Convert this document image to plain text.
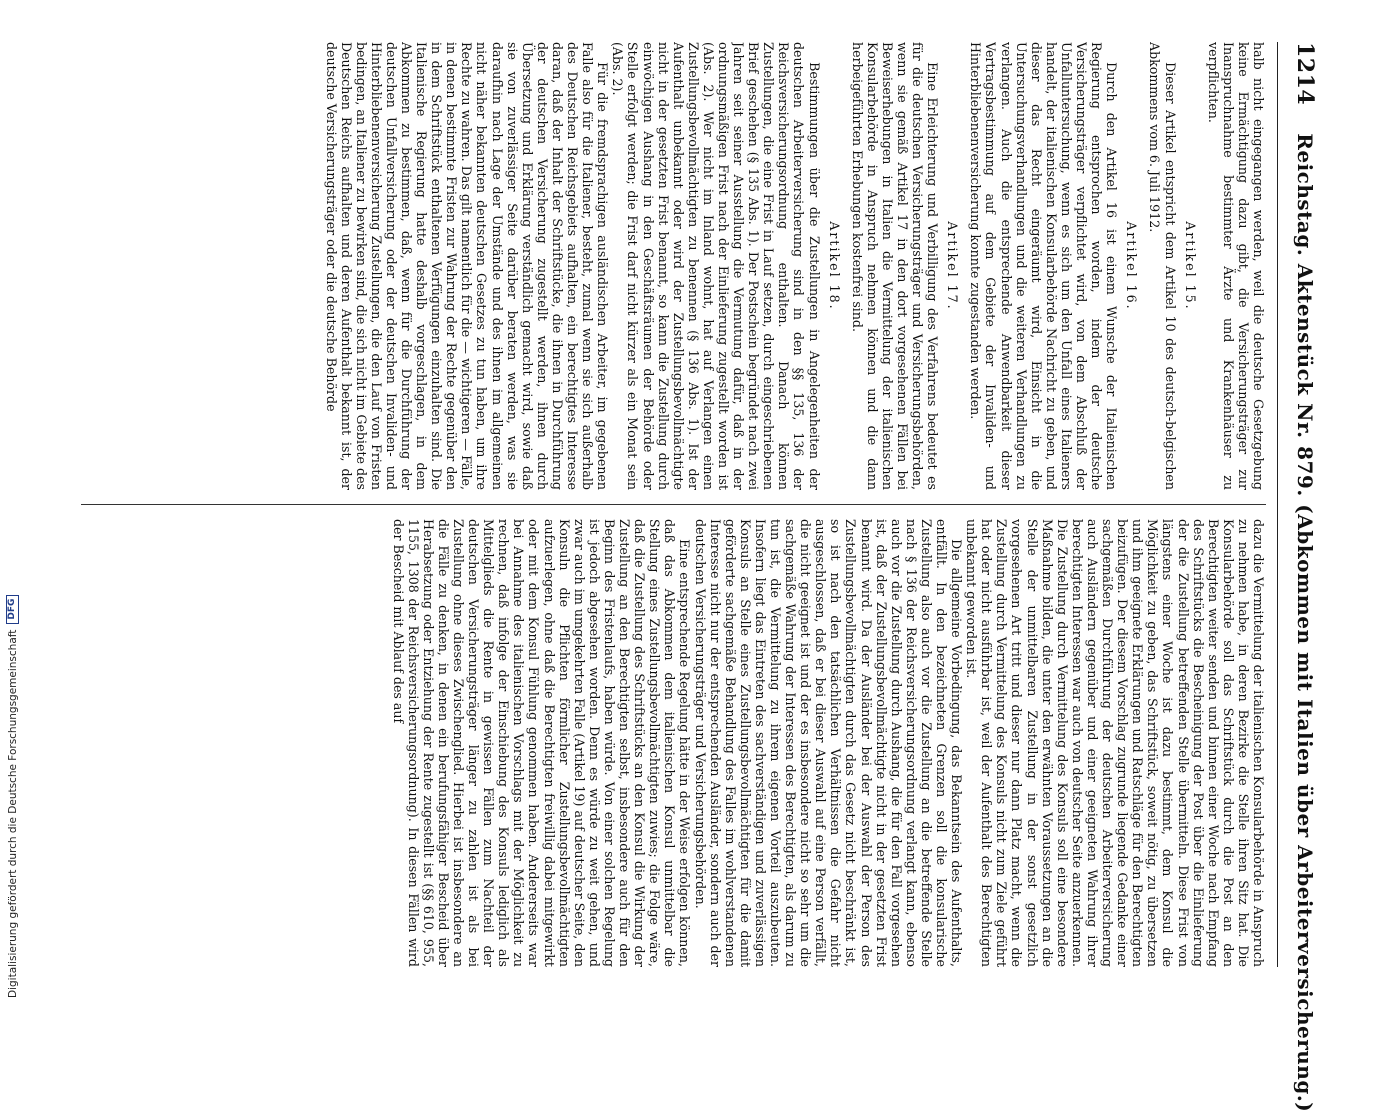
1214
Reichstag. Aktenstück Nr. 879. (Abkommen mit Italien über Arbeiterversicherung.)

halb nicht eingegangen werden, weil die deutsche Gesetzgebung keine Ermächtigung dazu gibt, die Versicherungsträger zur Inanspruchnahme bestimmter Ärzte und Krankenhäuser zu verpflichten.

Artikel 15.

Dieser Artikel entspricht dem Artikel 10 des deutsch-belgischen Abkommens vom 6. Juli 1912.

Artikel 16.

Durch den Artikel 16 ist einem Wunsche der Italienischen Regierung entsprochen worden, indem der deutsche Versicherungsträger verpflichtet wird, von dem Abschluß der Unfalluntersuchung, wenn es sich um den Unfall eines Italieners handelt, der italienischen Konsularbehörde Nachricht zu geben, und dieser das Recht eingeräumt wird, Einsicht in die Untersuchungsverhandlungen und die weiteren Verhandlungen zu verlangen. Auch die entsprechende Anwendbarkeit dieser Vertragsbestimmung auf dem Gebiete der Invaliden- und Hinterbliebenenversicherung konnte zugestanden werden.

Artikel 17.

Eine Erleichterung und Verbilligung des Verfahrens bedeutet es für die deutschen Versicherungsträger und Versicherungsbehörden, wenn sie gemäß Artikel 17 in den dort vorgesehenen Fällen bei Beweiserhebungen in Italien die Vermittelung der italienischen Konsularbehörde in Anspruch nehmen können und die dann herbeigeführten Erhebungen kostenfrei sind.

Artikel 18.

Bestimmungen über die Zustellungen in Angelegenheiten der deutschen Arbeiterversicherung sind in den §§ 135, 136 der Reichsversicherungsordnung enthalten. Danach können Zustellungen, die eine Frist in Lauf setzen, durch eingeschriebenen Brief geschehen (§ 135 Abs. 1). Der Postschein begründet nach zwei Jahren seit seiner Ausstellung die Vermutung dafür, daß in der ordnungsmäßigen Frist nach der Einlieferung zugestellt worden ist (Abs. 2). Wer nicht im Inland wohnt, hat auf Verlangen einen Zustellungsbevollmächtigten zu benennen (§ 136 Abs. 1). Ist der Aufenthalt unbekannt oder wird der Zustellungsbevollmächtigte nicht in der gesetzten Frist benannt, so kann die Zustellung durch einwöchigen Aushang in den Geschäftsräumen der Behörde oder Stelle erfolgt werden; die Frist darf nicht kürzer als ein Monat sein (Abs. 2).

Für die fremdsprachigen ausländischen Arbeiter, im gegebenen Falle also für die Italiener, besteht, zumal wenn sie sich außerhalb des Deutschen Reichsgebiets aufhalten, ein berechtigtes Interesse daran, daß der Inhalt der Schriftstücke, die ihnen in Durchführung der deutschen Versicherung zugestellt werden, ihnen durch Übersetzung und Erklärung verständlich gemacht wird, sowie daß sie von zuverlässiger Seite darüber beraten werden, was sie daraufhin nach Lage der Umstände und des ihnen im allgemeinen nicht näher bekannten deutschen Gesetzes zu tun haben, um ihre Rechte zu wahren. Das gilt namentlich für die — wichtigeren — Fälle, in denen bestimmte Fristen zur Wahrung der Rechte gegenüber den in dem Schriftstück enthaltenen Verfügungen einzuhalten sind. Die Italienische Regierung hatte deshalb vorgeschlagen, in dem Abkommen zu bestimmen, daß, wenn für die Durchführung der deutschen Unfallversicherung oder der deutschen Invaliden- und Hinterbliebenenversicherung Zustellungen, die den Lauf von Fristen bedingen, an Italiener zu bewirken sind, die sich nicht im Gebiete des Deutschen Reichs aufhalten und deren Aufenthalt bekannt ist, der deutsche Versicherungsträger oder die deutsche Behörde

dazu die Vermittelung der italienischen Konsularbehörde in Anspruch zu nehmen habe, in deren Bezirke die Stelle ihren Sitz hat. Die Konsularbehörde soll das Schriftstück durch die Post an den Berechtigten weiter senden und binnen einer Woche nach Empfang des Schriftstücks die Bescheinigung der Post über die Einlieferung der die Zustellung betreffenden Stelle übermitteln. Diese Frist von längstens einer Woche ist dazu bestimmt, dem Konsul die Möglichkeit zu geben, das Schriftstück, soweit nötig, zu übersetzen und ihm geeignete Erklärungen und Ratschläge für den Berechtigten beizufügen. Der diesem Vorschlag zugrunde liegende Gedanke einer sachgemäßen Durchführung der deutschen Arbeiterversicherung auch Ausländern gegenüber und einer geeigneten Wahrung ihrer berechtigten Interessen war auch von deutscher Seite anzuerkennen. Die Zustellung durch Vermittelung des Konsuls soll eine besondere Maßnahme bilden, die unter den erwähnten Voraussetzungen an die Stelle der unmittelbaren Zustellung in der sonst gesetzlich vorgesehenen Art tritt und dieser nur dann Platz macht, wenn die Zustellung durch Vermittelung des Konsuls nicht zum Ziele geführt hat oder nicht ausführbar ist, weil der Aufenthalt des Berechtigten unbekannt geworden ist.

Die allgemeine Vorbedingung, das Bekanntsein des Aufenthalts, entfällt. In den bezeichneten Grenzen soll die konsularische Zustellung also auch vor die Zustellung an die betreffende Stelle nach § 136 der Reichsversicherungsordnung verlangt kann, ebenso auch vor die Zustellung durch Aushang, die für den Fall vorgesehen ist, daß der Zustellungsbevollmächtigte nicht in der gesetzten Frist benannt wird. Da der Ausländer bei der Auswahl der Person des Zustellungsbevollmächtigten durch das Gesetz nicht beschränkt ist, so ist nach den tatsächlichen Verhältnissen die Gefahr nicht ausgeschlossen, daß er bei dieser Auswahl auf eine Person verfällt, die nicht geeignet ist und der es insbesondere nicht so sehr um die sachgemäße Wahrung der Interessen des Berechtigten, als darum zu tun ist, die Vermittelung zu ihrem eigenen Vorteil auszubeuten. Insofern liegt das Eintreten des sachverständigen und zuverlässigen Konsuls an Stelle eines Zustellungsbevollmächtigten für die damit geförderte sachgemäße Behandlung des Falles im wohlverstandenen Interesse nicht nur der entsprechenden Ausländer, sondern auch der deutschen Versicherungsträger und Versicherungsbehörden.

Eine entsprechende Regelung hätte in der Weise erfolgen können, daß das Abkommen dem italienischen Konsul unmittelbar die Stellung eines Zustellungsbevollmächtigten zuwies; die Folge wäre, daß die Zustellung des Schriftstücks an den Konsul die Wirkung der Zustellung an den Berechtigten selbst, insbesondere auch für den Beginn des Fristenlaufs, haben würde. Von einer solchen Regelung ist jedoch abgesehen worden. Denn es würde zu weit gehen, und zwar auch im umgekehrten Falle (Artikel 19) auf deutscher Seite, den Konsuln die Pflichten förmlicher Zustellungsbevollmächtigten aufzuerlegen, ohne daß die Berechtigten freiwillig dabei mitgewirkt oder mit dem Konsul Fühlung genommen haben. Andererseits war bei Annahme des italienischen Vorschlags mit der Möglichkeit zu rechnen, daß infolge der Einschiebung des Konsuls lediglich als Mittelglieds die Rente in gewissen Fällen zum Nachteil der deutschen Versicherungsträger länger zu zahlen ist als bei Zustellung ohne dieses Zwischenglied. Hierbei ist insbesondere an die Fälle zu denken, in denen ein berufungsfähiger Bescheid über Herabsetzung oder Entziehung der Rente zugestellt ist (§§ 610, 955, 1155, 1308 der Reichsversicherungsordnung). In diesen Fällen wird der Bescheid mit Ablauf des auf

Digitalisierung gefördert durch die Deutsche Forschungsgemeinschaft
DFG
